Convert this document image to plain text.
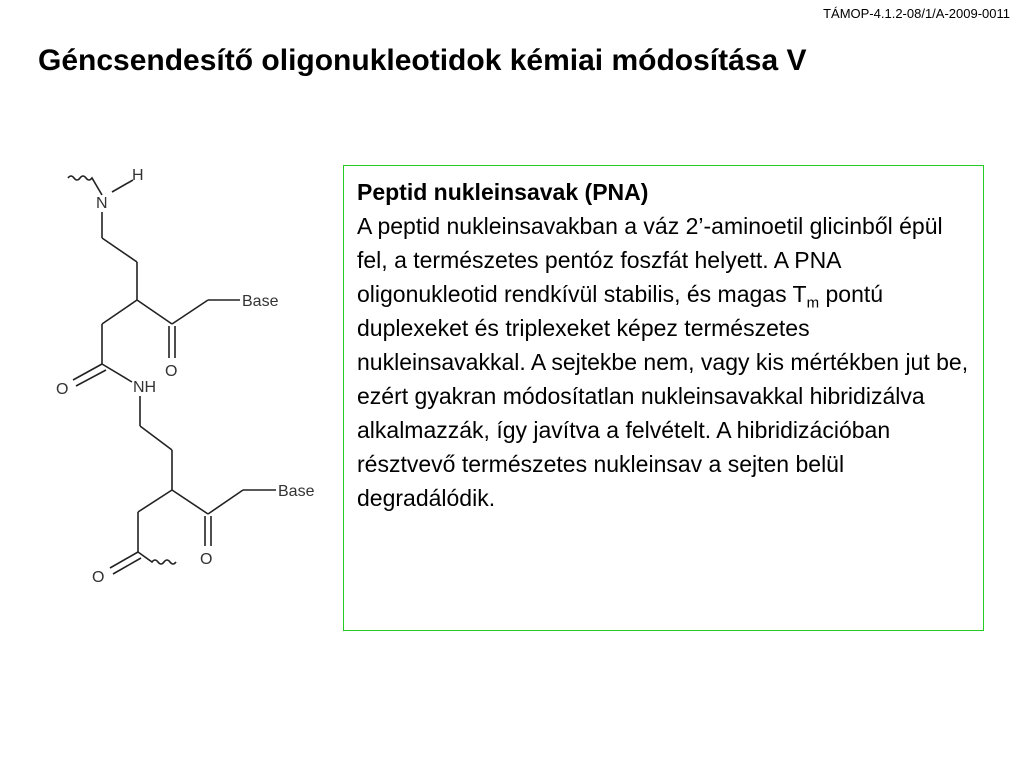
TÁMOP-4.1.2-08/1/A-2009-0011
Géncsendesítő oligonukleotidok kémiai módosítása V
N
H
Base
O
O	NH
Base
O
O
Peptid nukleinsavak (PNA)
A peptid nukleinsavakban a váz 2’-aminoetil glicinből épül fel, a természetes pentóz foszfát helyett. A PNA oligonukleotid rendkívül stabilis, és magas $T_m$ pontú duplexeket és triplexeket képez természetes nukleinsavakkal. A sejtekbe nem, vagy kis mértékben jut be, ezért gyakran módosítatlan nukleinsavakkal hibridizálva alkalmazzák, így javítva a felvételt. A hibridizációban résztvevő természetes nukleinsav a sejten belül degradálódik.
